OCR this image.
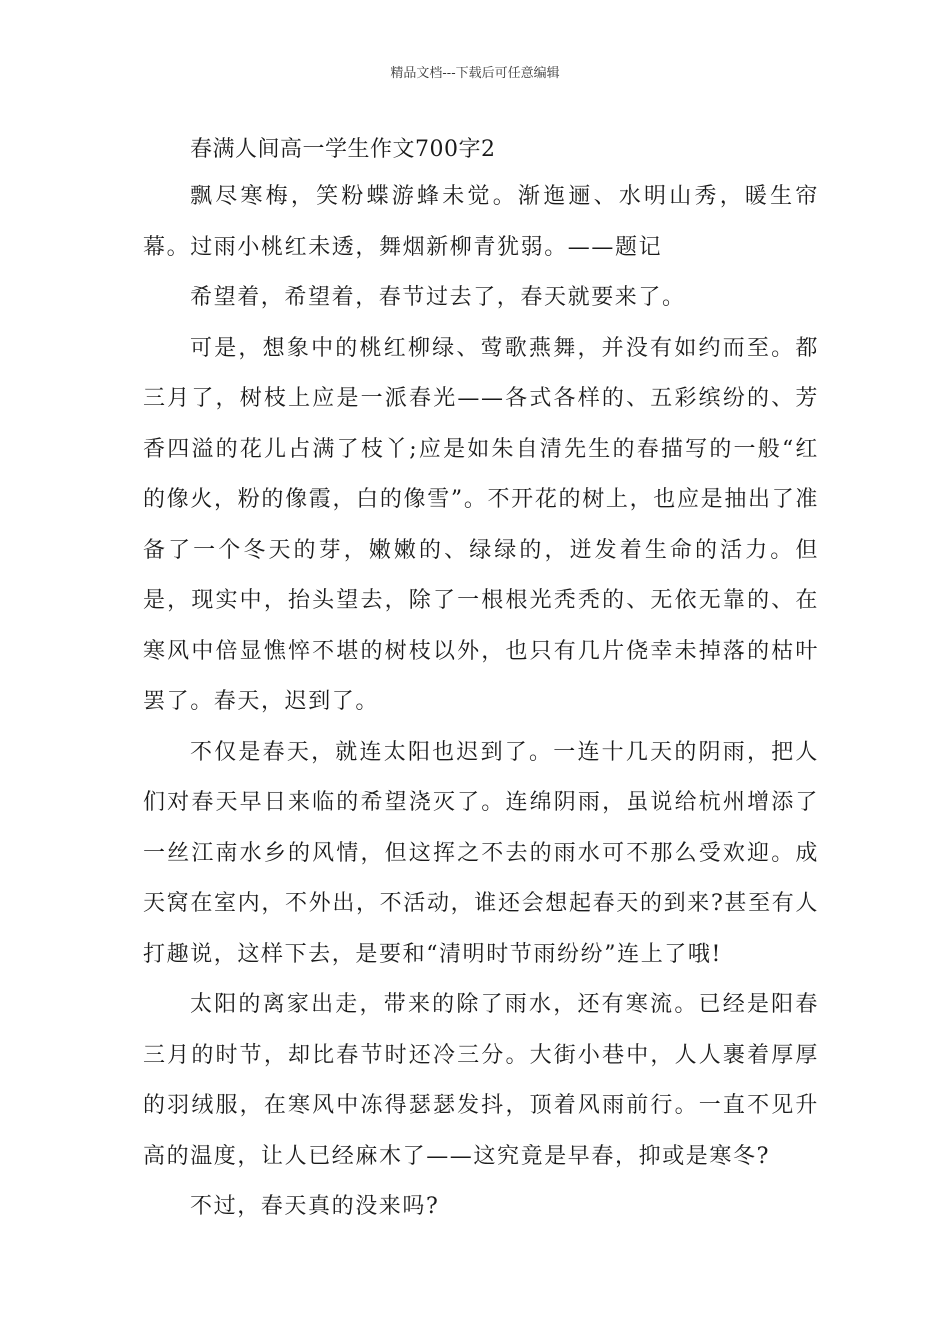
精品文档---下载后可任意编辑
春满人间高一学生作文700字2

飘尽寒梅，笑粉蝶游蜂未觉。渐迤逦、水明山秀，暖生帘幕。过雨小桃红未透，舞烟新柳青犹弱。——题记

希望着，希望着，春节过去了，春天就要来了。

可是，想象中的桃红柳绿、莺歌燕舞，并没有如约而至。都三月了，树枝上应是一派春光——各式各样的、五彩缤纷的、芳香四溢的花儿占满了枝丫;应是如朱自清先生的春描写的一般“红的像火，粉的像霞，白的像雪”。不开花的树上，也应是抽出了准备了一个冬天的芽，嫩嫩的、绿绿的，迸发着生命的活力。但是，现实中，抬头望去，除了一根根光秃秃的、无依无靠的、在寒风中倍显憔悴不堪的树枝以外，也只有几片侥幸未掉落的枯叶罢了。春天，迟到了。

不仅是春天，就连太阳也迟到了。一连十几天的阴雨，把人们对春天早日来临的希望浇灭了。连绵阴雨，虽说给杭州增添了一丝江南水乡的风情，但这挥之不去的雨水可不那么受欢迎。成天窝在室内，不外出，不活动，谁还会想起春天的到来?甚至有人打趣说，这样下去，是要和“清明时节雨纷纷”连上了哦!

太阳的离家出走，带来的除了雨水，还有寒流。已经是阳春三月的时节，却比春节时还冷三分。大街小巷中，人人裹着厚厚的羽绒服，在寒风中冻得瑟瑟发抖，顶着风雨前行。一直不见升高的温度，让人已经麻木了——这究竟是早春，抑或是寒冬?

不过，春天真的没来吗?
